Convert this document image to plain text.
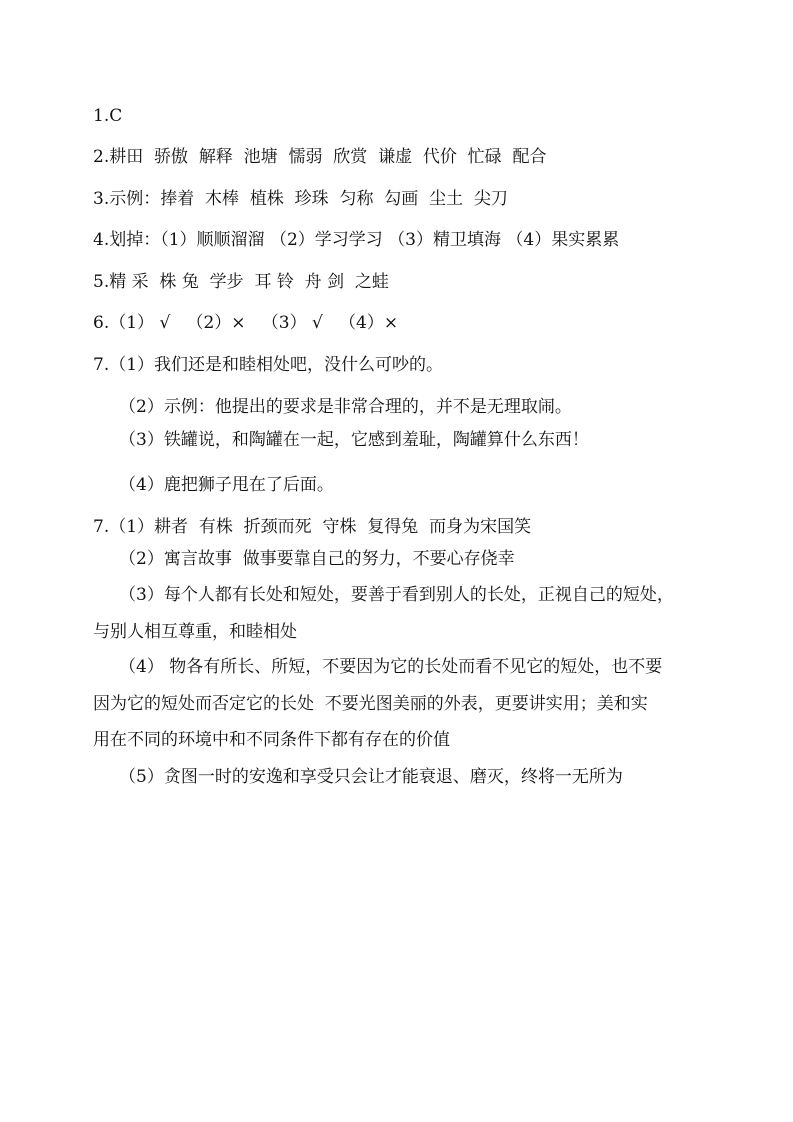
1.C
2.耕田  骄傲  解释  池塘  懦弱  欣赏  谦虚  代价  忙碌  配合
3.示例：捧着  木棒  植株  珍珠  匀称  勾画  尘土  尖刀
4.划掉：（1）顺顺溜溜 （2）学习学习 （3）精卫填海 （4）果实累累
5.精 采  株 兔  学步  耳 铃  舟 剑  之蛙
6.（1） √   （2）×   （3） √   （4）×
7.（1）我们还是和睦相处吧，没什么可吵的。
（2）示例：他提出的要求是非常合理的，并不是无理取闹。
（3）铁罐说，和陶罐在一起，它感到羞耻，陶罐算什么东西！
（4）鹿把狮子甩在了后面。
7.（1）耕者  有株  折颈而死  守株  复得兔  而身为宋国笑
（2）寓言故事  做事要靠自己的努力，不要心存侥幸
（3）每个人都有长处和短处，要善于看到别人的长处，正视自己的短处，
与别人相互尊重，和睦相处
（4） 物各有所长、所短，不要因为它的长处而看不见它的短处，也不要
因为它的短处而否定它的长处  不要光图美丽的外表，更要讲实用；美和实
用在不同的环境中和不同条件下都有存在的价值
（5）贪图一时的安逸和享受只会让才能衰退、磨灭，终将一无所为
